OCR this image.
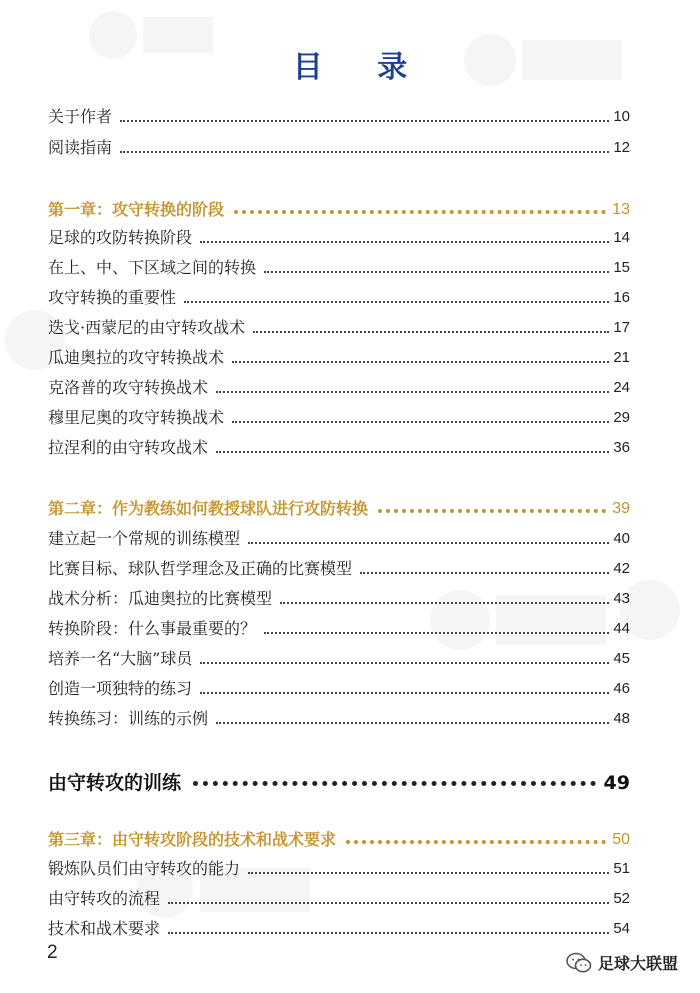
目 录
关于作者	10
阅读指南	12
第一章：攻守转换的阶段	13
足球的攻防转换阶段	14
在上、中、下区域之间的转换	15
攻守转换的重要性	16
迭戈·西蒙尼的由守转攻战术	17
瓜迪奥拉的攻守转换战术	21
克洛普的攻守转换战术	24
穆里尼奥的攻守转换战术	29
拉涅利的由守转攻战术	36
第二章：作为教练如何教授球队进行攻防转换	39
建立起一个常规的训练模型	40
比赛目标、球队哲学理念及正确的比赛模型	42
战术分析：瓜迪奥拉的比赛模型	43
转换阶段：什么事最重要的？	44
培养一名“大脑”球员	45
创造一项独特的练习	46
转换练习：训练的示例	48
由守转攻的训练	49
第三章：由守转攻阶段的技术和战术要求	50
锻炼队员们由守转攻的能力	51
由守转攻的流程	52
技术和战术要求	54
2
足球大联盟
